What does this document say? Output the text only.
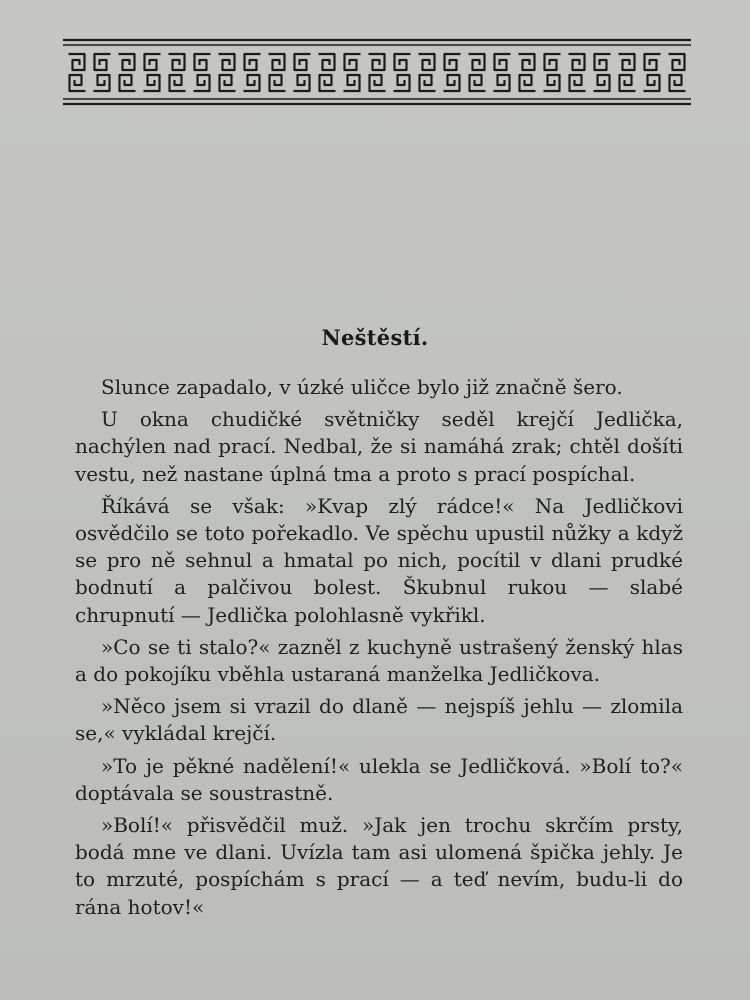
Neštěstí.

Slunce zapadalo, v úzké uličce bylo již značně šero.

U okna chudičké světničky seděl krejčí Jedlička, nachýlen nad prací. Nedbal, že si namáhá zrak; chtěl došíti vestu, než nastane úplná tma a proto s prací pospíchal.

Říkává se však: »Kvap zlý rádce!« Na Jedličkovi osvědčilo se toto pořekadlo. Ve spěchu upustil nůžky a když se pro ně sehnul a hmatal po nich, pocítil v dlani prudké bodnutí a palčivou bolest. Škubnul rukou — slabé chrupnutí — Jedlička polohlasně vykřikl.

»Co se ti stalo?« zazněl z kuchyně ustrašený ženský hlas a do pokojíku vběhla ustaraná manželka Jedličkova.

»Něco jsem si vrazil do dlaně — nejspíš jehlu — zlomila se,« vykládal krejčí.

»To je pěkné nadělení!« ulekla se Jedličková. »Bolí to?« doptávala se soustrastně.

»Bolí!« přisvědčil muž. »Jak jen trochu skrčím prsty, bodá mne ve dlani. Uvízla tam asi ulomená špička jehly. Je to mrzuté, pospíchám s prací — a teď nevím, budu-li do rána hotov!«
